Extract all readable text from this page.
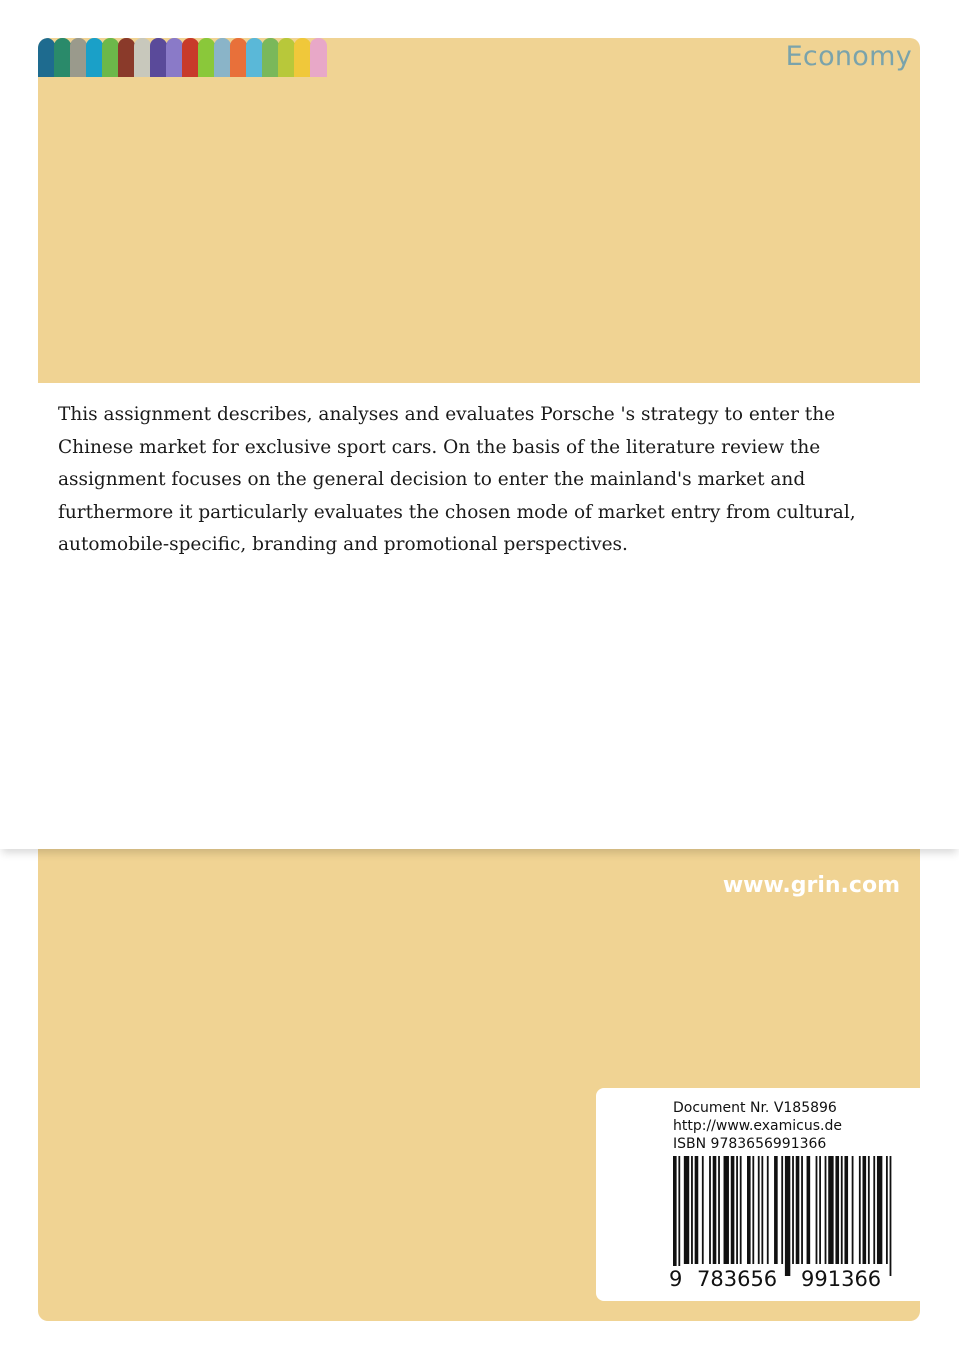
Economy

This assignment describes, analyses and evaluates Porsche 's strategy to enter the Chinese market for exclusive sport cars. On the basis of the literature review the assignment focuses on the general decision to enter the mainland's market and furthermore it particularly evaluates the chosen mode of market entry from cultural, automobile-specific, branding and promotional perspectives.

www.grin.com
Document Nr. V185896
http://www.examicus.de
ISBN 9783656991366
9 783656 991366
